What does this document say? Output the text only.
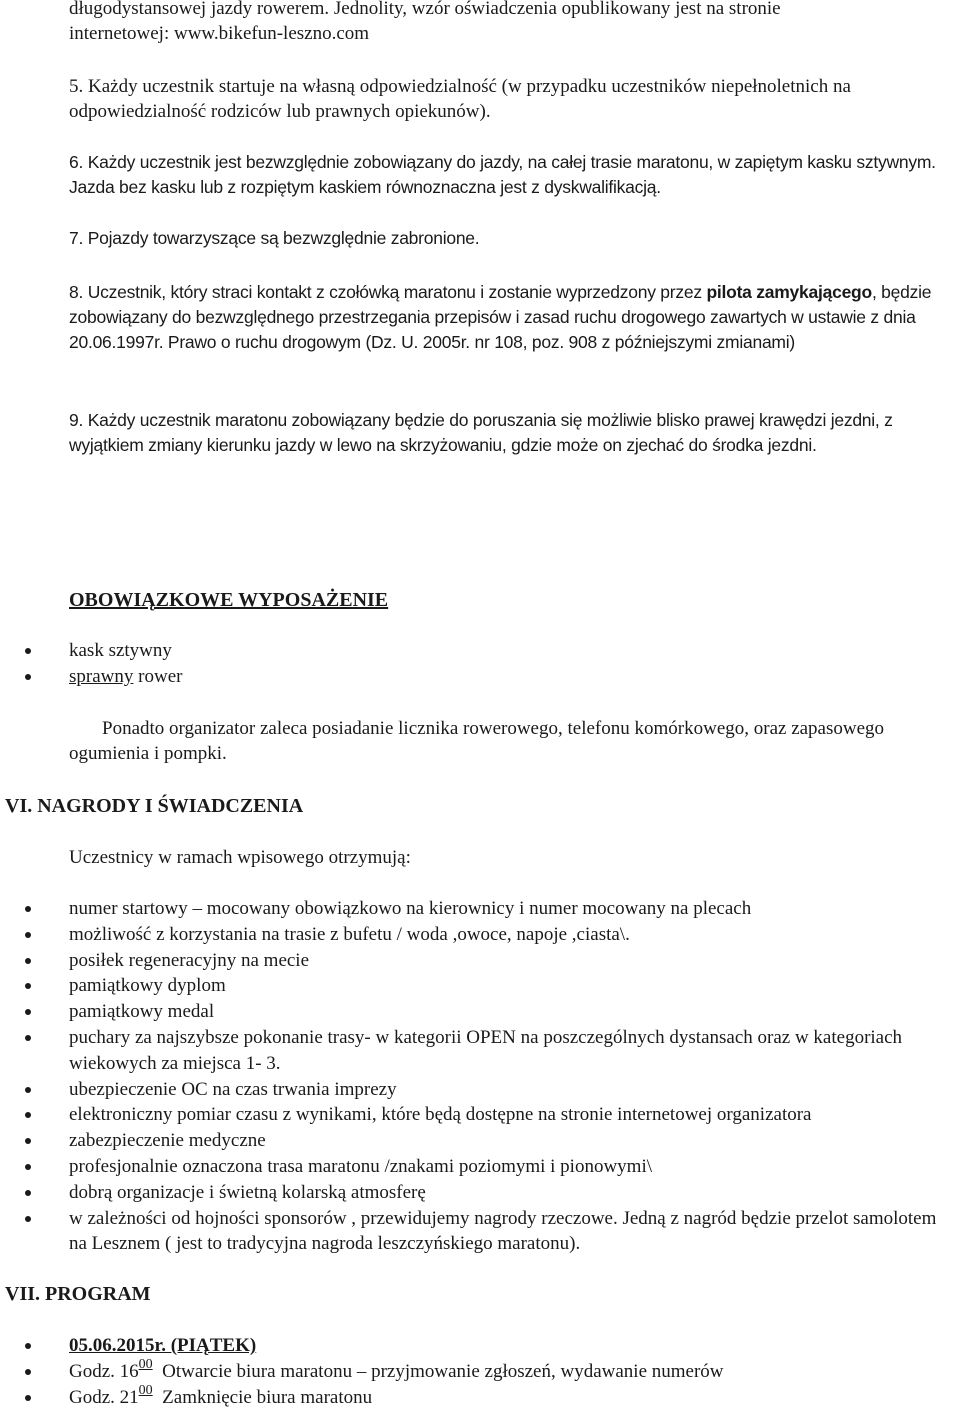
długodystansowej jazdy rowerem. Jednolity, wzór oświadczenia opublikowany jest na stronie
internetowej: www.bikefun-leszno.com

5. Każdy uczestnik startuje na własną odpowiedzialność (w przypadku uczestników niepełnoletnich na odpowiedzialność rodziców lub prawnych opiekunów).

6. Każdy uczestnik jest bezwzględnie zobowiązany do jazdy, na całej trasie maratonu, w zapiętym kasku sztywnym. Jazda bez kasku lub z rozpiętym kaskiem równoznaczna jest z dyskwalifikacją.

7. Pojazdy towarzyszące są bezwzględnie zabronione.

8. Uczestnik, który straci kontakt z czołówką maratonu i zostanie wyprzedzony przez pilota zamykającego, będzie zobowiązany do bezwzględnego przestrzegania przepisów i zasad ruchu drogowego zawartych w ustawie z dnia 20.06.1997r. Prawo o ruchu drogowym (Dz. U. 2005r. nr 108, poz. 908 z późniejszymi zmianami)

9. Każdy uczestnik maratonu zobowiązany będzie do poruszania się możliwie blisko prawej krawędzi jezdni, z wyjątkiem zmiany kierunku jazdy w lewo na skrzyżowaniu, gdzie może on zjechać do środka jezdni.

OBOWIĄZKOWE WYPOSAŻENIE

kask sztywny
sprawny rower

Ponadto organizator zaleca posiadanie licznika rowerowego, telefonu komórkowego, oraz zapasowego ogumienia i pompki.

VI. NAGRODY I ŚWIADCZENIA

Uczestnicy w ramach wpisowego otrzymują:

numer startowy – mocowany obowiązkowo na kierownicy i numer mocowany na plecach
możliwość z korzystania na trasie z bufetu / woda ,owoce, napoje ,ciasta\.
posiłek regeneracyjny na mecie
pamiątkowy dyplom
pamiątkowy medal
puchary za najszybsze pokonanie trasy- w kategorii OPEN na poszczególnych dystansach oraz w kategoriach wiekowych za miejsca 1- 3.
ubezpieczenie OC na czas trwania imprezy
elektroniczny pomiar czasu z wynikami, które będą dostępne na stronie internetowej organizatora
zabezpieczenie medyczne
profesjonalnie oznaczona trasa maratonu /znakami poziomymi i pionowymi\
dobrą organizacje i świetną kolarską atmosferę
w zależności od hojności sponsorów , przewidujemy nagrody rzeczowe. Jedną z nagród będzie przelot samolotem na Lesznem ( jest to tradycyjna nagroda leszczyńskiego maratonu).

VII. PROGRAM

05.06.2015r. (PIĄTEK)
Godz. $16^{00}$  Otwarcie biura maratonu – przyjmowanie zgłoszeń, wydawanie numerów
Godz. $21^{00}$  Zamknięcie biura maratonu
